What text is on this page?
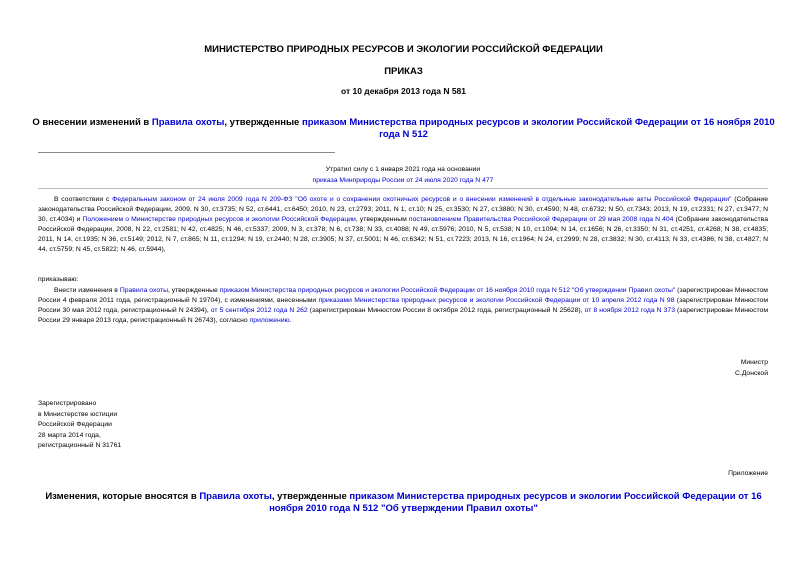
МИНИСТЕРСТВО ПРИРОДНЫХ РЕСУРСОВ И ЭКОЛОГИИ РОССИЙСКОЙ ФЕДЕРАЦИИ
ПРИКАЗ
от 10 декабря 2013 года N 581
О внесении изменений в Правила охоты, утвержденные приказом Министерства природных ресурсов и экологии Российской Федерации от 16 ноября 2010 года N 512
Утратил силу с 1 января 2021 года на основании
приказа Минприроды России от 24 июля 2020 года N 477
В соответствии с Федеральным законом от 24 июля 2009 года N 209-ФЗ "Об охоте и о сохранении охотничьих ресурсов и о внесении изменений в отдельные законодательные акты Российской Федерации" (Собрание законодательства Российской Федерации, 2009, N 30, ст.3735; N 52, ст.6441, ст.6450; 2010, N 23, ст.2793; 2011, N 1, ст.10; N 25, ст.3530; N 27, ст.3880; N 30, ст.4590; N 48, ст.6732; N 50, ст.7343; 2013, N 19, ст.2331; N 27, ст.3477; N 30, ст.4034) и Положением о Министерстве природных ресурсов и экологии Российской Федерации, утвержденным постановлением Правительства Российской Федерации от 29 мая 2008 года N 404 (Собрание законодательства Российской Федерации, 2008, N 22, ст.2581; N 42, ст.4825; N 46, ст.5337; 2009, N 3, ст.378; N 6, ст.738; N 33, ст.4088; N 49, ст.5976; 2010, N 5, ст.538; N 10, ст.1094; N 14, ст.1656; N 26, ст.3350; N 31, ст.4251, ст.4268; N 38, ст.4835; 2011, N 14, ст.1935; N 36, ст.5149; 2012, N 7, ст.865; N 11, ст.1294; N 19, ст.2440; N 28, ст.3905; N 37, ст.5001; N 46, ст.6342; N 51, ст.7223; 2013, N 16, ст.1964; N 24, ст.2999; N 28, ст.3832; N 30, ст.4113, N 33, ст.4386; N 38, ст.4827; N 44, ст.5759; N 45, ст.5822; N 46, ст.5944),
приказываю:
Внести изменения в Правила охоты, утвержденные приказом Министерства природных ресурсов и экологии Российской Федерации от 16 ноября 2010 года N 512 "Об утверждении Правил охоты" (зарегистрирован Минюстом России 4 февраля 2011 года, регистрационный N 19704), с изменениями, внесенными приказами Министерства природных ресурсов и экологии Российской Федерации от 10 апреля 2012 года N 98 (зарегистрирован Минюстом России 30 мая 2012 года, регистрационный N 24394), от 5 сентября 2012 года N 262 (зарегистрирован Минюстом России 8 октября 2012 года, регистрационный N 25628), от 8 ноября 2012 года N 373 (зарегистрирован Минюстом России 29 января 2013 года, регистрационный N 26743), согласно приложению.
Министр
С.Донской
Зарегистрировано
в Министерстве юстиции
Российской Федерации
28 марта 2014 года,
регистрационный N 31761
Приложение
Изменения, которые вносятся в Правила охоты, утвержденные приказом Министерства природных ресурсов и экологии Российской Федерации от 16 ноября 2010 года N 512 "Об утверждении Правил охоты"
